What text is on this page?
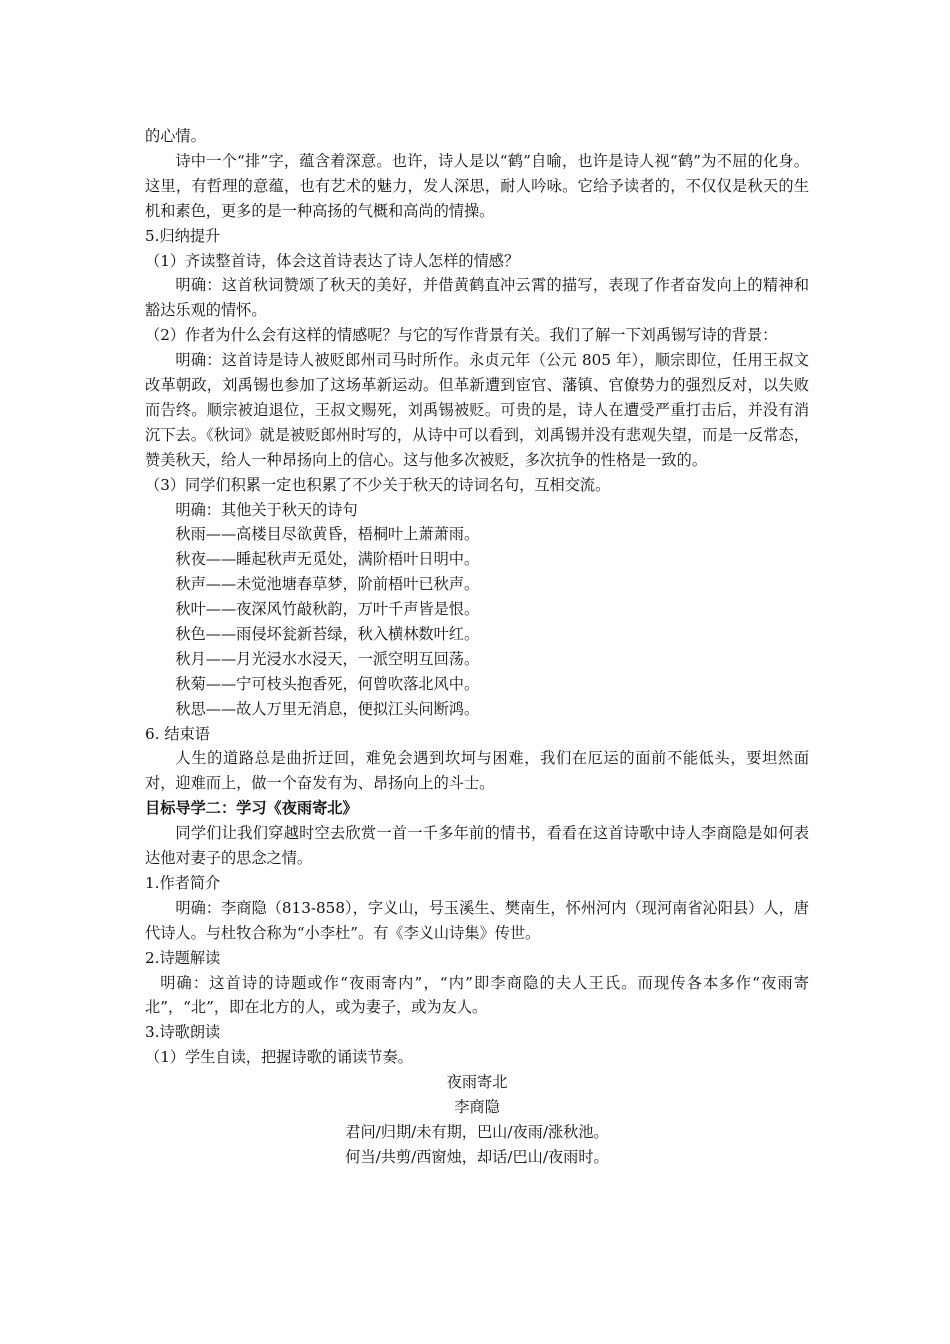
的心情。
诗中一个“排”字，蕴含着深意。也许，诗人是以“鹤”自喻，也许是诗人视“鹤”为不屈的化身。这里，有哲理的意蕴，也有艺术的魅力，发人深思，耐人吟咏。它给予读者的，不仅仅是秋天的生机和素色，更多的是一种高扬的气概和高尚的情操。
5.归纳提升
（1）齐读整首诗，体会这首诗表达了诗人怎样的情感？
明确：这首秋词赞颂了秋天的美好，并借黄鹤直冲云霄的描写，表现了作者奋发向上的精神和豁达乐观的情怀。
（2）作者为什么会有这样的情感呢？与它的写作背景有关。我们了解一下刘禹锡写诗的背景：
明确：这首诗是诗人被贬郎州司马时所作。永贞元年（公元 805 年），顺宗即位，任用王叔文改革朝政，刘禹锡也参加了这场革新运动。但革新遭到宦官、藩镇、官僚势力的强烈反对，以失败而告终。顺宗被迫退位，王叔文赐死，刘禹锡被贬。可贵的是，诗人在遭受严重打击后，并没有消沉下去。《秋词》就是被贬郎州时写的，从诗中可以看到，刘禹锡并没有悲观失望，而是一反常态，赞美秋天，给人一种昂扬向上的信心。这与他多次被贬，多次抗争的性格是一致的。
（3）同学们积累一定也积累了不少关于秋天的诗词名句，互相交流。
明确：其他关于秋天的诗句
秋雨——高楼目尽欲黄昏，梧桐叶上萧萧雨。
秋夜——睡起秋声无觅处，满阶梧叶日明中。
秋声——未觉池塘春草梦，阶前梧叶已秋声。
秋叶——夜深风竹敲秋韵，万叶千声皆是恨。
秋色——雨侵坏瓮新苔绿，秋入横林数叶红。
秋月——月光浸水水浸天，一派空明互回荡。
秋菊——宁可枝头抱香死，何曾吹落北风中。
秋思——故人万里无消息，便拟江头问断鸿。
6. 结束语
人生的道路总是曲折迂回，难免会遇到坎坷与困难，我们在厄运的面前不能低头，要坦然面对，迎难而上，做一个奋发有为、昂扬向上的斗士。
目标导学二：学习《夜雨寄北》
同学们让我们穿越时空去欣赏一首一千多年前的情书，看看在这首诗歌中诗人李商隐是如何表达他对妻子的思念之情。
1.作者简介
明确：李商隐（813-858），字义山，号玉溪生、樊南生，怀州河内（现河南省沁阳县）人，唐代诗人。与杜牧合称为“小李杜”。有《李义山诗集》传世。
2.诗题解读
明确：这首诗的诗题或作“夜雨寄内”，“内”即李商隐的夫人王氏。而现传各本多作“夜雨寄北”，“北”，即在北方的人，或为妻子，或为友人。
3.诗歌朗读
（1）学生自读，把握诗歌的诵读节奏。
夜雨寄北
李商隐
君问/归期/未有期，巴山/夜雨/涨秋池。
何当/共剪/西窗烛，却话/巴山/夜雨时。
